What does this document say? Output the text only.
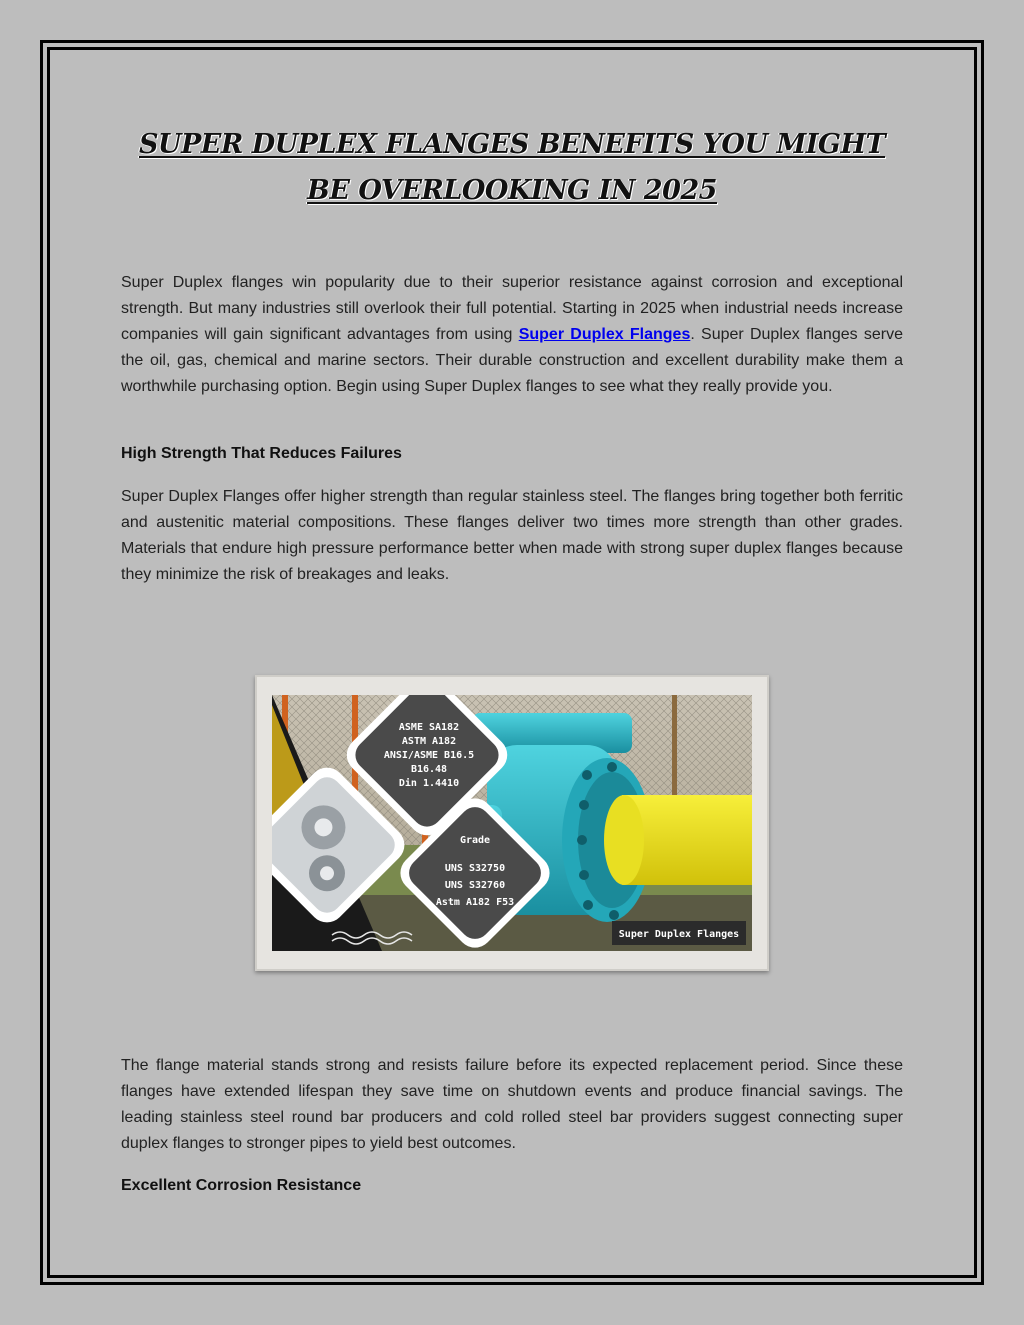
SUPER DUPLEX FLANGES BENEFITS YOU MIGHT BE OVERLOOKING IN 2025

Super Duplex flanges win popularity due to their superior resistance against corrosion and exceptional strength. But many industries still overlook their full potential. Starting in 2025 when industrial needs increase companies will gain significant advantages from using Super Duplex Flanges. Super Duplex flanges serve the oil, gas, chemical and marine sectors. Their durable construction and excellent durability make them a worthwhile purchasing option. Begin using Super Duplex flanges to see what they really provide you.

High Strength That Reduces Failures

Super Duplex Flanges offer higher strength than regular stainless steel. The flanges bring together both ferritic and austenitic material compositions. These flanges deliver two times more strength than other grades. Materials that endure high pressure performance better when made with strong super duplex flanges because they minimize the risk of breakages and leaks.

ASME SA182
ASTM A182
ANSI/ASME B16.5
B16.48
Din 1.4410
Grade
UNS S32750
UNS S32760
Astm A182 F53
Super Duplex Flanges

The flange material stands strong and resists failure before its expected replacement period. Since these flanges have extended lifespan they save time on shutdown events and produce financial savings. The leading stainless steel round bar producers and cold rolled steel bar providers suggest connecting super duplex flanges to stronger pipes to yield best outcomes.

Excellent Corrosion Resistance
